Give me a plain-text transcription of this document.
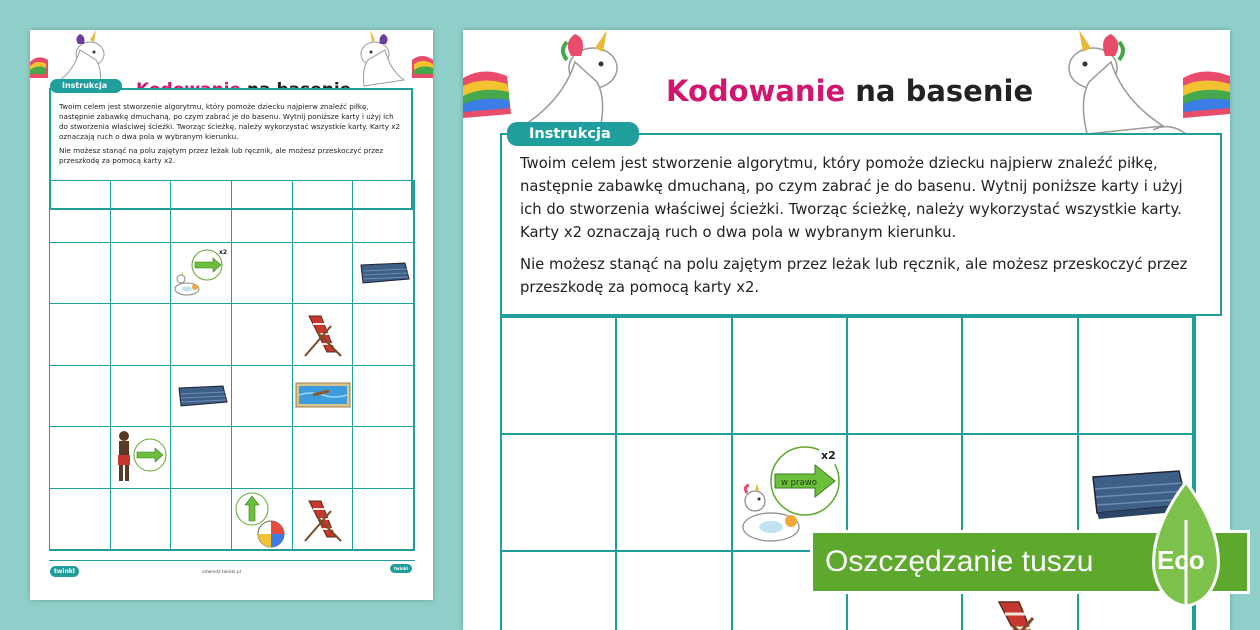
Twoim celem jest stworzenie algorytmu, który pomoże dziecku najpierw znaleźć piłkę, następnie zabawkę dmuchaną, po czym zabrać je do basenu. Wytnij poniższe karty i użyj ich do stworzenia właściwej ścieżki. Tworząc ścieżkę, należy wykorzystać wszystkie karty. Karty x2 oznaczają ruch o dwa pola w wybranym kierunku.

Nie możesz stanąć na polu zajętym przez leżak lub ręcznik, ale możesz przeskoczyć przez przeszkodę za pomocą karty x2.

Instrukcja
x2
twinkl	odwiedź twinkl.pl
twinkl
Kodowanie na basenie

Twoim celem jest stworzenie algorytmu, który pomoże dziecku najpierw znaleźć piłkę, następnie zabawkę dmuchaną, po czym zabrać je do basenu. Wytnij poniższe karty i użyj ich do stworzenia właściwej ścieżki. Tworząc ścieżkę, należy wykorzystać wszystkie karty. Karty x2 oznaczają ruch o dwa pola w wybranym kierunku.

Nie możesz stanąć na polu zajętym przez leżak lub ręcznik, ale możesz przeskoczyć przez przeszkodę za pomocą karty x2.

Instrukcja
w prawo
x2
Oszczędzanie tuszu Eco
